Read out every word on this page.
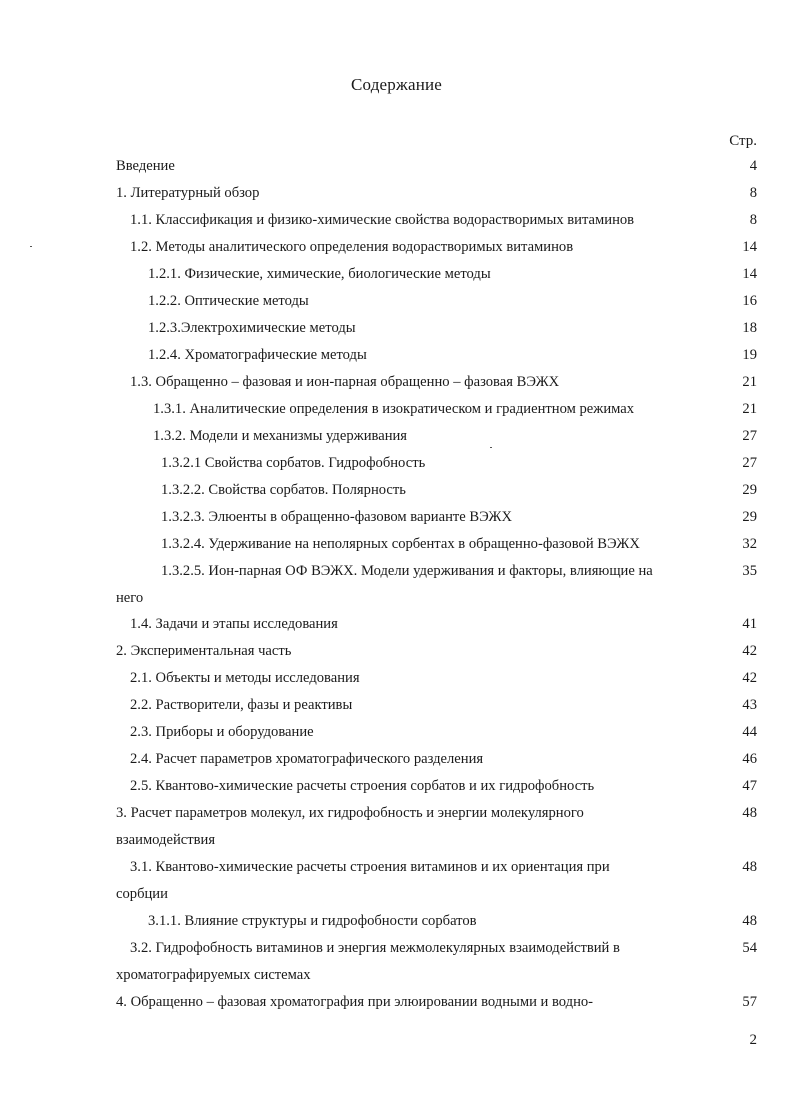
Содержание
Стр.
Введение	4
1. Литературный обзор	8
1.1. Классификация и физико-химические свойства водорастворимых витаминов	8
1.2. Методы аналитического определения водорастворимых витаминов	14
1.2.1. Физические, химические, биологические методы	14
1.2.2. Оптические методы	16
1.2.3.Электрохимические методы	18
1.2.4. Хроматографические методы	19
1.3. Обращенно – фазовая и ион-парная обращенно – фазовая ВЭЖХ	21
1.3.1. Аналитические определения в изократическом и градиентном режимах	21
1.3.2. Модели и механизмы удерживания	27
1.3.2.1 Свойства сорбатов. Гидрофобность	27
1.3.2.2. Свойства сорбатов. Полярность	29
1.3.2.3. Элюенты в обращенно-фазовом варианте ВЭЖХ	29
1.3.2.4. Удерживание на неполярных сорбентах в обращенно-фазовой ВЭЖХ	32
1.3.2.5. Ион-парная ОФ ВЭЖХ. Модели удерживания и факторы, влияющие на	35
него
1.4. Задачи и этапы исследования	41
2. Экспериментальная часть	42
2.1. Объекты и методы исследования	42
2.2. Растворители, фазы и реактивы	43
2.3. Приборы и оборудование	44
2.4. Расчет параметров хроматографического разделения	46
2.5. Квантово-химические расчеты строения сорбатов и их гидрофобность	47
3. Расчет параметров молекул, их гидрофобность и энергии молекулярного	48
взаимодействия
3.1. Квантово-химические расчеты строения витаминов и их ориентация при	48
сорбции
3.1.1. Влияние структуры и гидрофобности сорбатов	48
3.2. Гидрофобность витаминов и энергия межмолекулярных взаимодействий в	54
хроматографируемых системах
4. Обращенно – фазовая хроматография при элюировании водными и водно-	57
2
